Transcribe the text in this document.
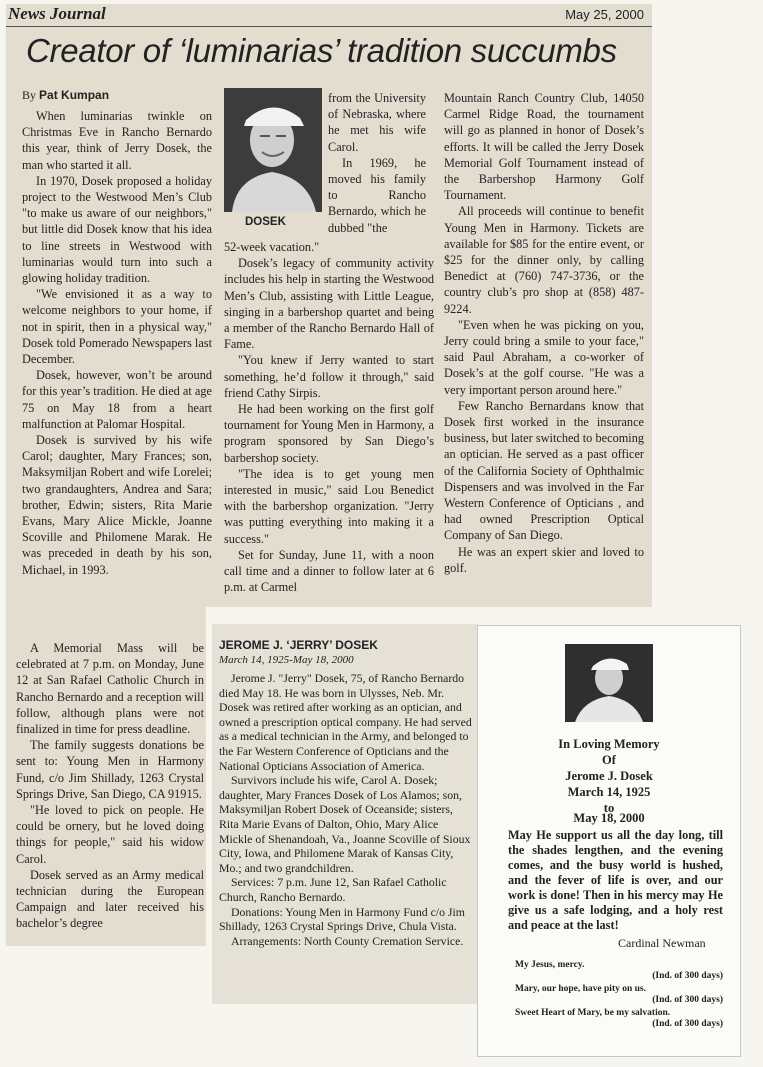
News Journal	May 25, 2000
Creator of ‘luminarias’ tradition succumbs
By Pat Kumpan

When luminarias twinkle on Christmas Eve in Rancho Bernardo this year, think of Jerry Dosek, the man who started it all.

In 1970, Dosek proposed a holiday project to the Westwood Men’s Club "to make us aware of our neighbors," but little did Dosek know that his idea to line streets in Westwood with luminarias would turn into such a glowing holiday tradition.

"We envisioned it as a way to welcome neighbors to your home, if not in spirit, then in a physical way," Dosek told Pomerado Newspapers last December.

Dosek, however, won’t be around for this year’s tradition. He died at age 75 on May 18 from a heart malfunction at Palomar Hospital.

Dosek is survived by his wife Carol; daughter, Mary Frances; son, Maksymiljan Robert and wife Lorelei; two grandaughters, Andrea and Sara; brother, Edwin; sisters, Rita Marie Evans, Mary Alice Mickle, Joanne Scoville and Philomene Marak. He was preceded in death by his son, Michael, in 1993.

DOSEK

from the University of Nebraska, where he met his wife Carol.

In 1969, he moved his family to Rancho Bernardo, which he dubbed "the

52-week vacation."

Dosek’s legacy of community activity includes his help in starting the Westwood Men’s Club, assisting with Little League, singing in a barbershop quartet and being a member of the Rancho Bernardo Hall of Fame.

"You knew if Jerry wanted to start something, he’d follow it through," said friend Cathy Sirpis.

He had been working on the first golf tournament for Young Men in Harmony, a program sponsored by San Diego’s barbershop society.

"The idea is to get young men interested in music," said Lou Benedict with the barbershop organization. "Jerry was putting everything into making it a success."

Set for Sunday, June 11, with a noon call time and a dinner to follow later at 6 p.m. at Carmel

Mountain Ranch Country Club, 14050 Carmel Ridge Road, the tournament will go as planned in honor of Dosek’s efforts. It will be called the Jerry Dosek Memorial Golf Tournament instead of the Barbershop Harmony Golf Tournament.

All proceeds will continue to benefit Young Men in Harmony. Tickets are available for $85 for the entire event, or $25 for the dinner only, by calling Benedict at (760) 747-3736, or the country club’s pro shop at (858) 487-9224.

"Even when he was picking on you, Jerry could bring a smile to your face," said Paul Abraham, a co-worker of Dosek’s at the golf course. "He was a very important person around here."

Few Rancho Bernardans know that Dosek first worked in the insurance business, but later switched to becoming an optician. He served as a past officer of the California Society of Ophthalmic Dispensers and was involved in the Far Western Conference of Opticians , and had owned Prescription Optical Company of San Diego.

He was an expert skier and loved to golf.

A Memorial Mass will be celebrated at 7 p.m. on Monday, June 12 at San Rafael Catholic Church in Rancho Bernardo and a reception will follow, although plans were not finalized in time for press deadline.

The family suggests donations be sent to: Young Men in Harmony Fund, c/o Jim Shillady, 1263 Crystal Springs Drive, San Diego, CA 91915.

"He loved to pick on people. He could be ornery, but he loved doing things for people," said his widow Carol.

Dosek served as an Army medical technician during the European Campaign and later received his bachelor’s degree

JEROME J. ‘JERRY’ DOSEK
March 14, 1925-May 18, 2000

Jerome J. "Jerry" Dosek, 75, of Rancho Bernardo died May 18. He was born in Ulysses, Neb. Mr. Dosek was retired after working as an optician, and owned a prescription optical company. He had served as a medical technician in the Army, and belonged to the Far Western Conference of Opticians and the National Opticians Association of America.

Survivors include his wife, Carol A. Dosek; daughter, Mary Frances Dosek of Los Alamos; son, Maksymiljan Robert Dosek of Oceanside; sisters, Rita Marie Evans of Dalton, Ohio, Mary Alice Mickle of Shenandoah, Va., Joanne Scoville of Sioux City, Iowa, and Philomene Marak of Kansas City, Mo.; and two grandchildren.

Services: 7 p.m. June 12, San Rafael Catholic Church, Rancho Bernardo.

Donations: Young Men in Harmony Fund c/o Jim Shillady, 1263 Crystal Springs Drive, Chula Vista.

Arrangements: North County Cremation Service.

In Loving Memory
Of
Jerome J. Dosek
March 14, 1925
to
May 18, 2000
May He support us all the day long, till the shades lengthen, and the evening comes, and the busy world is hushed, and the fever of life is over, and our work is done! Then in his mercy may He give us a safe lodging, and a holy rest and peace at the last!
Cardinal Newman
My Jesus, mercy.
(Ind. of 300 days)
Mary, our hope, have pity on us.
(Ind. of 300 days)
Sweet Heart of Mary, be my salvation.
(Ind. of 300 days)
